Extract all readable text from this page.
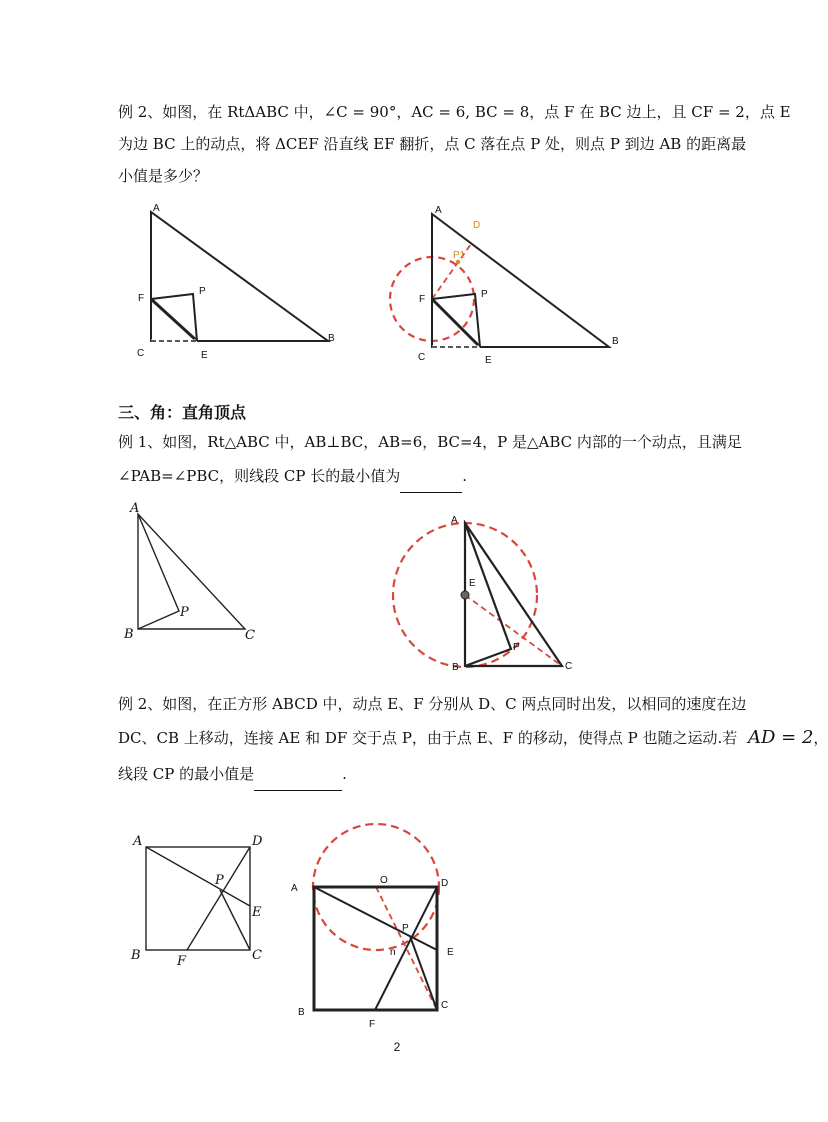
例 2、如图，在 RtΔABC 中，∠C = 90°，AC = 6, BC = 8，点 F 在 BC 边上，且 CF = 2，点 E
为边 BC 上的动点，将 ΔCEF 沿直线 EF 翻折，点 C 落在点 P 处，则点 P 到边 AB 的距离最
小值是多少？
A
F
P
C	E
B
A
D
P1
F	P
C	E
B
三、角：直角顶点
例 1、如图，Rt△ABC 中，AB⊥BC，AB=6，BC=4，P 是△ABC 内部的一个动点，且满足
∠PAB=∠PBC，则线段 CP 长的最小值为	.
A
P
B	C
A
E
P
B	C
例 2、如图，在正方形 ABCD 中，动点 E、F 分别从 D、C 两点同时出发，以相同的速度在边
DC、CB 上移动，连接 AE 和 DF 交于点 P，由于点 E、F 的移动，使得点 P 也随之运动.若 AD = 2，
线段 CP 的最小值是	.
A	D
P
E
B	F	C
A
O	D
P
n	E
B
F
C
2
